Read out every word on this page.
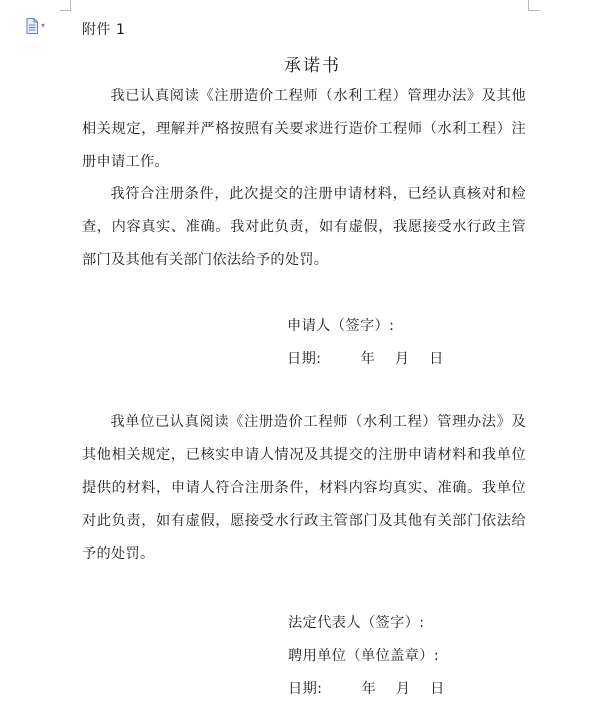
▾	附件 1
承诺书
我已认真阅读《注册造价工程师（水利工程）管理办法》及其他相关规定，理解并严格按照有关要求进行造价工程师（水利工程）注册申请工作。
我符合注册条件，此次提交的注册申请材料，已经认真核对和检查，内容真实、准确。我对此负责，如有虚假，我愿接受水行政主管部门及其他有关部门依法给予的处罚。
申请人（签字）:
日期:        年    月    日
我单位已认真阅读《注册造价工程师（水利工程）管理办法》及其他相关规定，已核实申请人情况及其提交的注册申请材料和我单位提供的材料，申请人符合注册条件，材料内容均真实、准确。我单位对此负责，如有虚假，愿接受水行政主管部门及其他有关部门依法给予的处罚。
法定代表人（签字）:
聘用单位（单位盖章）:
日期:        年    月    日
